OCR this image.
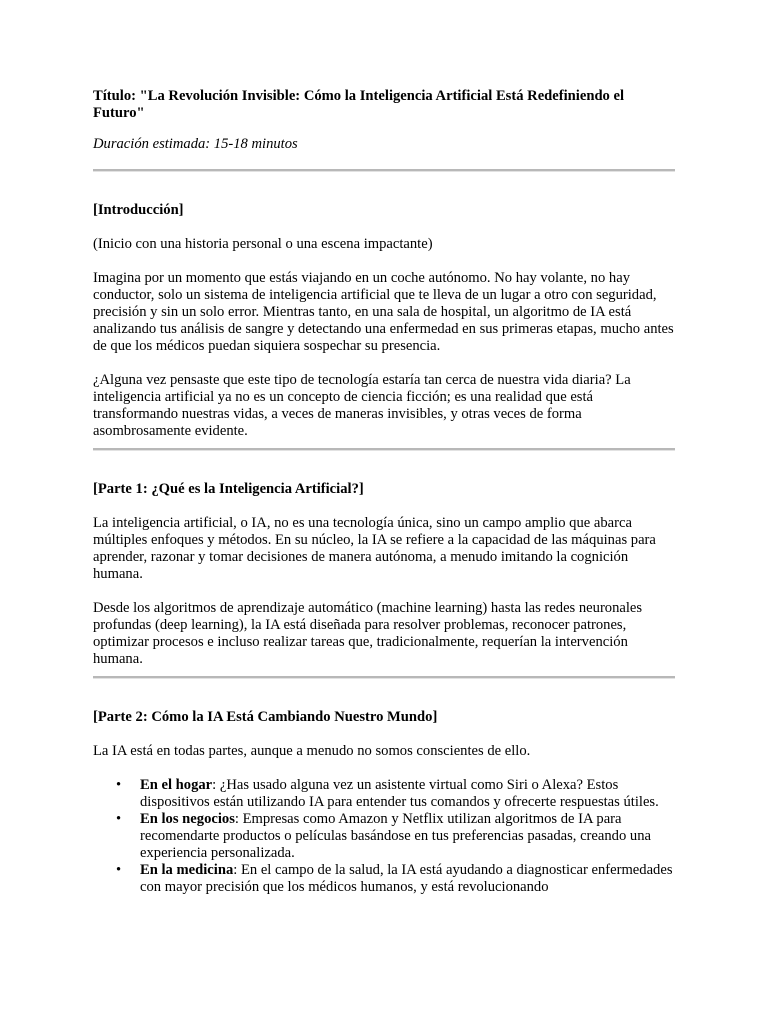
Título: "La Revolución Invisible: Cómo la Inteligencia Artificial Está Redefiniendo el Futuro"

Duración estimada: 15-18 minutos

[Introducción]

(Inicio con una historia personal o una escena impactante)

Imagina por un momento que estás viajando en un coche autónomo. No hay volante, no hay conductor, solo un sistema de inteligencia artificial que te lleva de un lugar a otro con seguridad, precisión y sin un solo error. Mientras tanto, en una sala de hospital, un algoritmo de IA está analizando tus análisis de sangre y detectando una enfermedad en sus primeras etapas, mucho antes de que los médicos puedan siquiera sospechar su presencia.

¿Alguna vez pensaste que este tipo de tecnología estaría tan cerca de nuestra vida diaria? La inteligencia artificial ya no es un concepto de ciencia ficción; es una realidad que está transformando nuestras vidas, a veces de maneras invisibles, y otras veces de forma asombrosamente evidente.

[Parte 1: ¿Qué es la Inteligencia Artificial?]

La inteligencia artificial, o IA, no es una tecnología única, sino un campo amplio que abarca múltiples enfoques y métodos. En su núcleo, la IA se refiere a la capacidad de las máquinas para aprender, razonar y tomar decisiones de manera autónoma, a menudo imitando la cognición humana.

Desde los algoritmos de aprendizaje automático (machine learning) hasta las redes neuronales profundas (deep learning), la IA está diseñada para resolver problemas, reconocer patrones, optimizar procesos e incluso realizar tareas que, tradicionalmente, requerían la intervención humana.

[Parte 2: Cómo la IA Está Cambiando Nuestro Mundo]

La IA está en todas partes, aunque a menudo no somos conscientes de ello.

• En el hogar: ¿Has usado alguna vez un asistente virtual como Siri o Alexa? Estos dispositivos están utilizando IA para entender tus comandos y ofrecerte respuestas útiles.
• En los negocios: Empresas como Amazon y Netflix utilizan algoritmos de IA para recomendarte productos o películas basándose en tus preferencias pasadas, creando una experiencia personalizada.
• En la medicina: En el campo de la salud, la IA está ayudando a diagnosticar enfermedades con mayor precisión que los médicos humanos, y está revolucionando
